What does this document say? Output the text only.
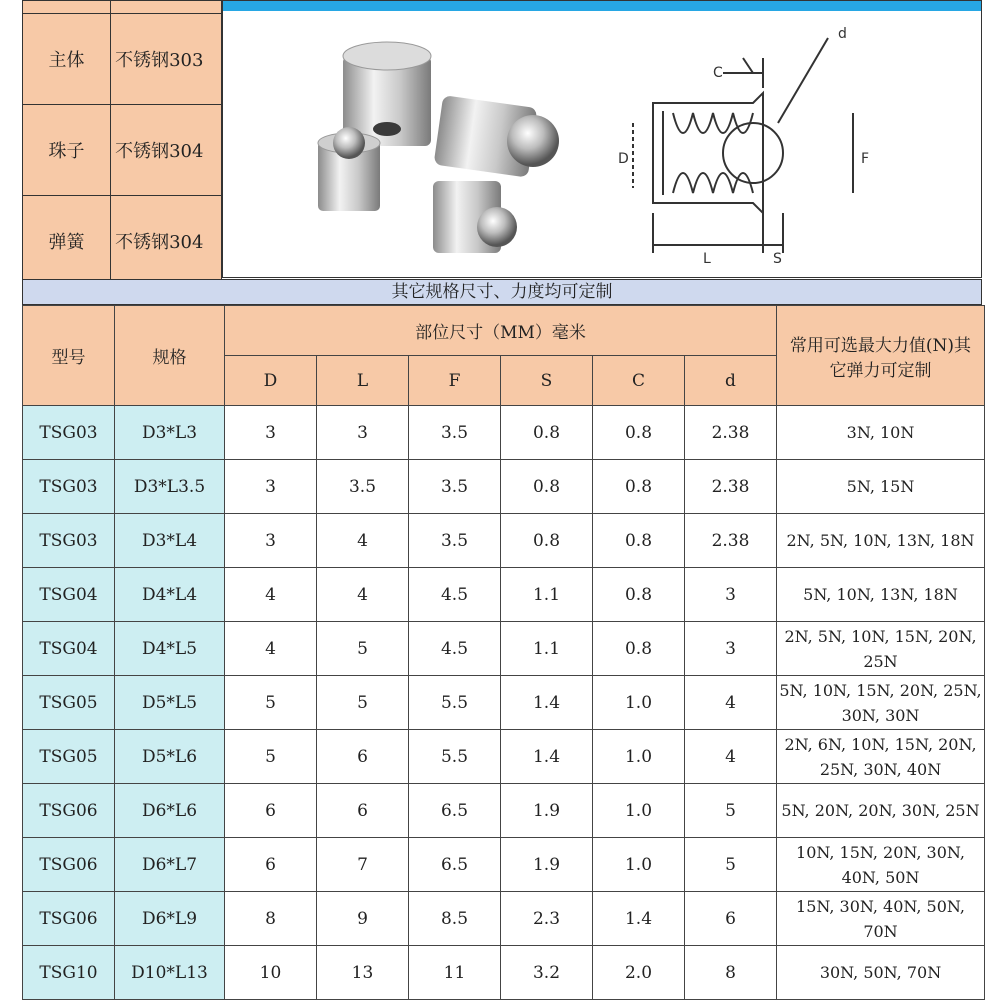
主体	不锈钢303
珠子	不锈钢304
弹簧	不锈钢304
d
C
D	F
L	S
其它规格尺寸、力度均可定制
型号	规格	部位尺寸（MM）毫米						常用可选最大力值(N)其它弹力可定制
		D	L	F	S	C	d	
TSG03	D3*L3	3	3	3.5	0.8	0.8	2.38	3N, 10N
TSG03	D3*L3.5	3	3.5	3.5	0.8	0.8	2.38	5N, 15N
TSG03	D3*L4	3	4	3.5	0.8	0.8	2.38	2N, 5N, 10N, 13N, 18N
TSG04	D4*L4	4	4	4.5	1.1	0.8	3	5N, 10N, 13N, 18N
TSG04	D4*L5	4	5	4.5	1.1	0.8	3	2N, 5N, 10N, 15N, 20N, 25N
TSG05	D5*L5	5	5	5.5	1.4	1.0	4	5N, 10N, 15N, 20N, 25N, 30N, 30N
TSG05	D5*L6	5	6	5.5	1.4	1.0	4	2N, 6N, 10N, 15N, 20N, 25N, 30N, 40N
TSG06	D6*L6	6	6	6.5	1.9	1.0	5	5N, 20N, 20N, 30N, 25N
TSG06	D6*L7	6	7	6.5	1.9	1.0	5	10N, 15N, 20N, 30N, 40N, 50N
TSG06	D6*L9	8	9	8.5	2.3	1.4	6	15N, 30N, 40N, 50N, 70N
TSG10	D10*L13	10	13	11	3.2	2.0	8	30N, 50N, 70N
